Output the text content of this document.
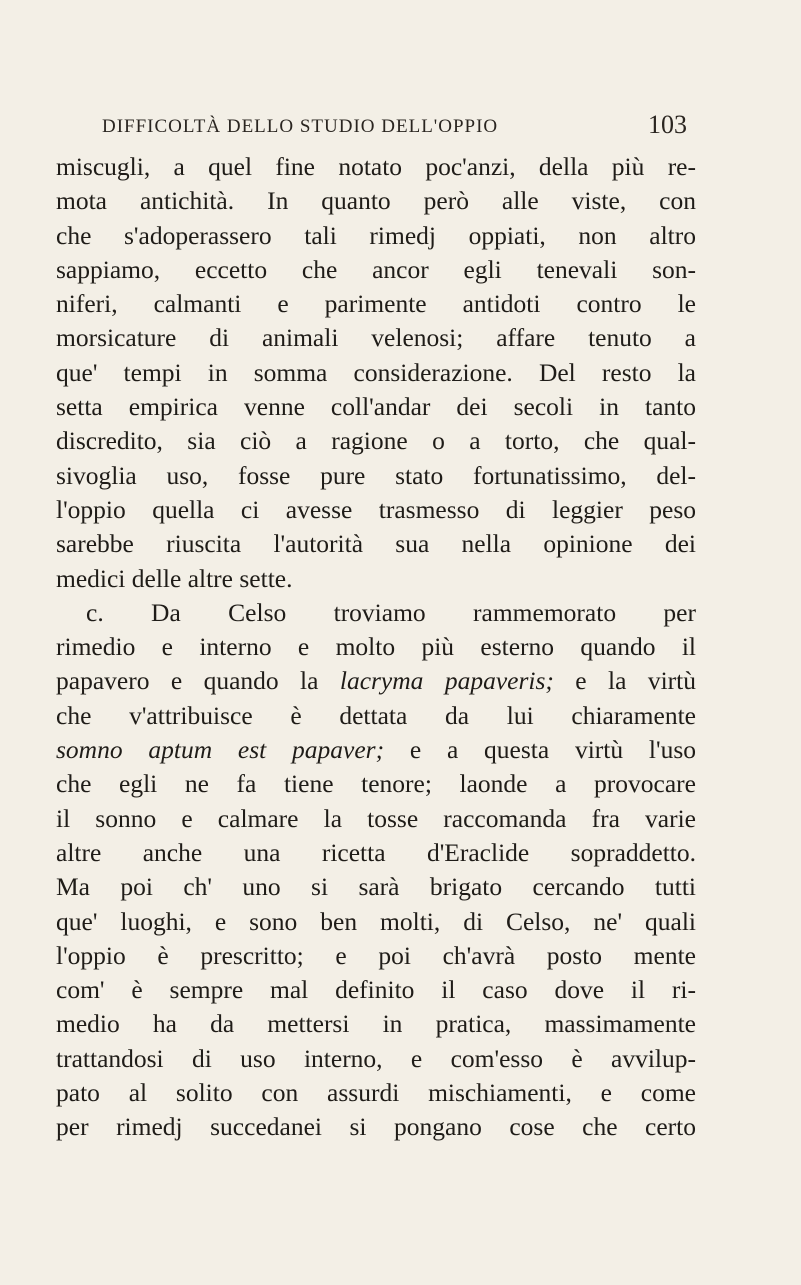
DIFFICOLTÀ DELLO STUDIO DELL'OPPIO	103
miscugli, a quel fine notato poc'anzi, della più re-
mota antichità. In quanto però alle viste, con
che s'adoperassero tali rimedj oppiati, non altro
sappiamo, eccetto che ancor egli tenevali son-
niferi, calmanti e parimente antidoti contro le
morsicature di animali velenosi; affare tenuto a
que' tempi in somma considerazione. Del resto la
setta empirica venne coll'andar dei secoli in tanto
discredito, sia ciò a ragione o a torto, che qual-
sivoglia uso, fosse pure stato fortunatissimo, del-
l'oppio quella ci avesse trasmesso di leggier peso
sarebbe riuscita l'autorità sua nella opinione dei
medici delle altre sette.
c. Da Celso troviamo rammemorato per
rimedio e interno e molto più esterno quando il
papavero e quando la lacryma papaveris; e la virtù
che v'attribuisce è dettata da lui chiaramente
somno aptum est papaver; e a questa virtù l'uso
che egli ne fa tiene tenore; laonde a provocare
il sonno e calmare la tosse raccomanda fra varie
altre anche una ricetta d'Eraclide sopraddetto.
Ma poi ch' uno si sarà brigato cercando tutti
que' luoghi, e sono ben molti, di Celso, ne' quali
l'oppio è prescritto; e poi ch'avrà posto mente
com' è sempre mal definito il caso dove il ri-
medio ha da mettersi in pratica, massimamente
trattandosi di uso interno, e com'esso è avvilup-
pato al solito con assurdi mischiamenti, e come
per rimedj succedanei si pongano cose che certo
